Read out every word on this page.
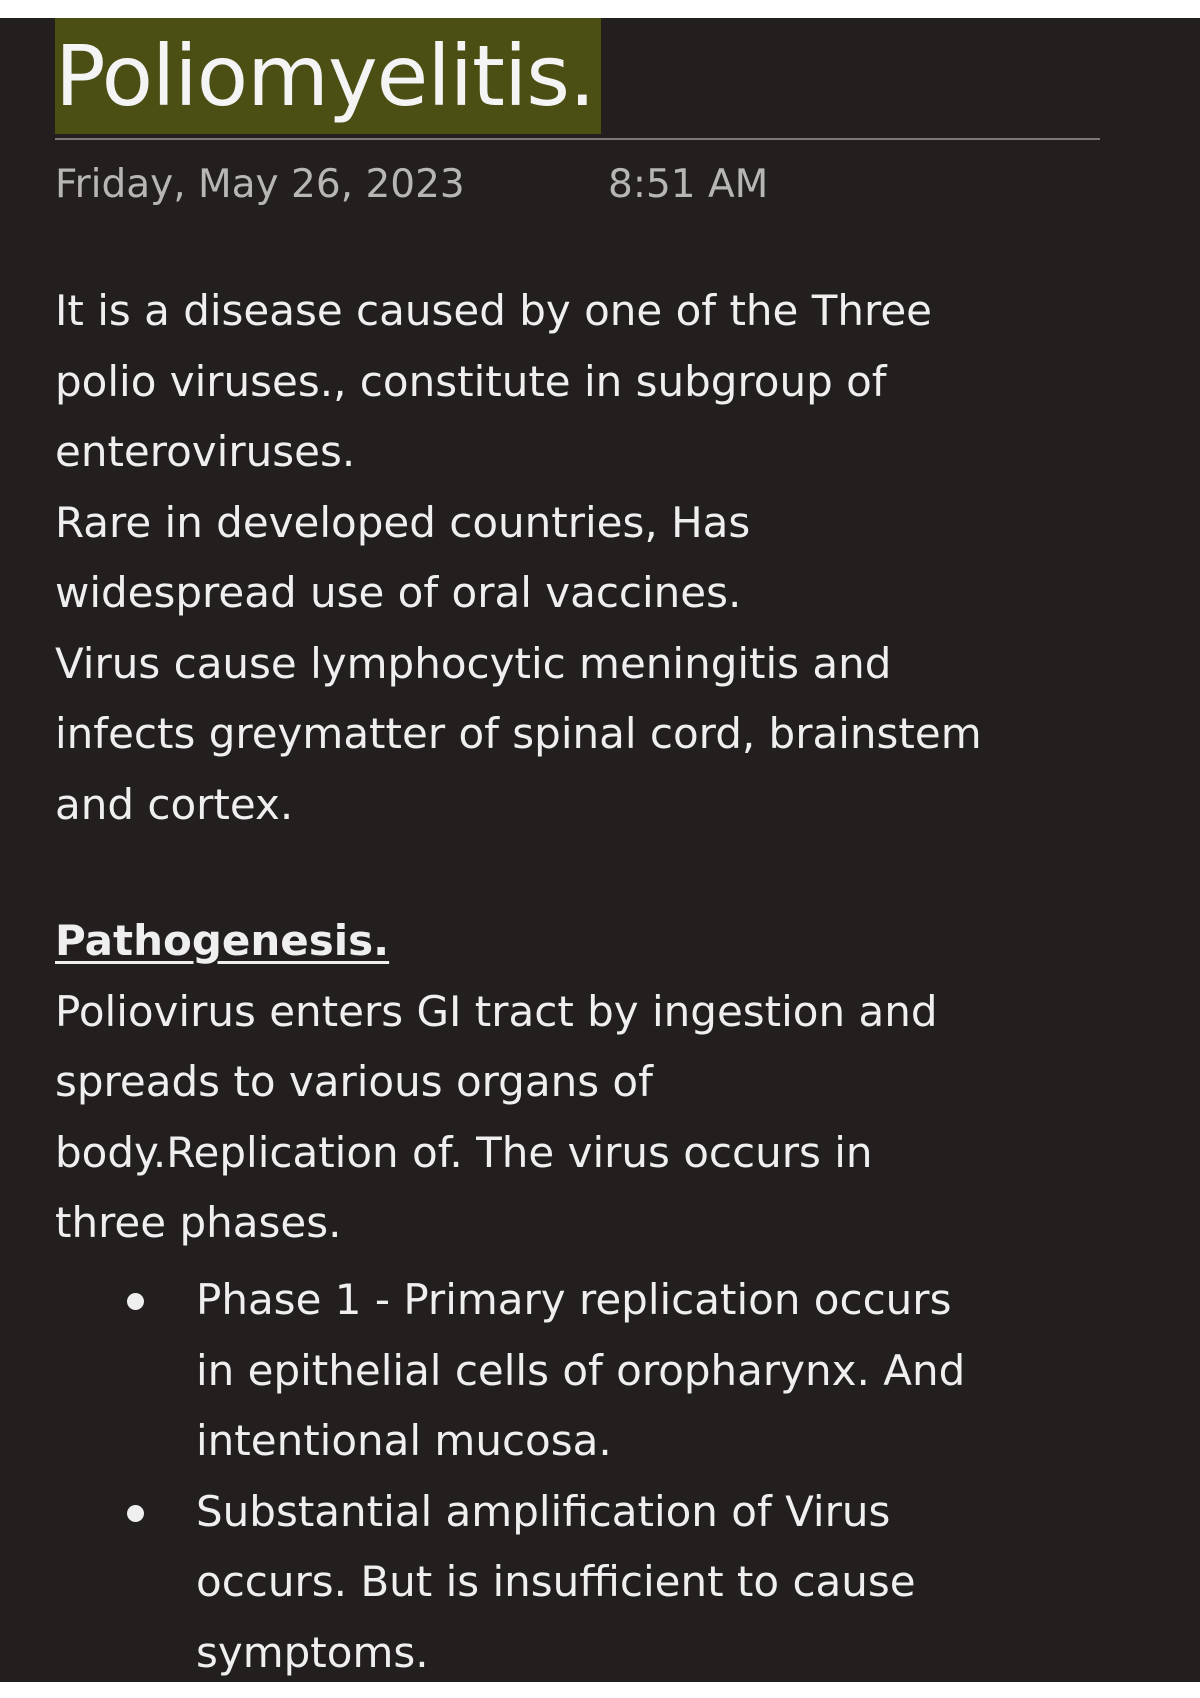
Poliomyelitis.
Friday, May 26, 2023	8:51 AM
It is a disease caused by one of the Three
polio viruses., constitute in subgroup of
enteroviruses.
Rare in developed countries, Has
widespread use of oral vaccines.
Virus cause lymphocytic meningitis and
infects greymatter of spinal cord, brainstem
and cortex.
Pathogenesis.
Poliovirus enters GI tract by ingestion and
spreads to various organs of
body.Replication of. The virus occurs in
three phases.
Phase 1 - Primary replication occurs
in epithelial cells of oropharynx. And
intentional mucosa.
Substantial amplification of Virus
occurs. But is insufficient to cause
symptoms.
